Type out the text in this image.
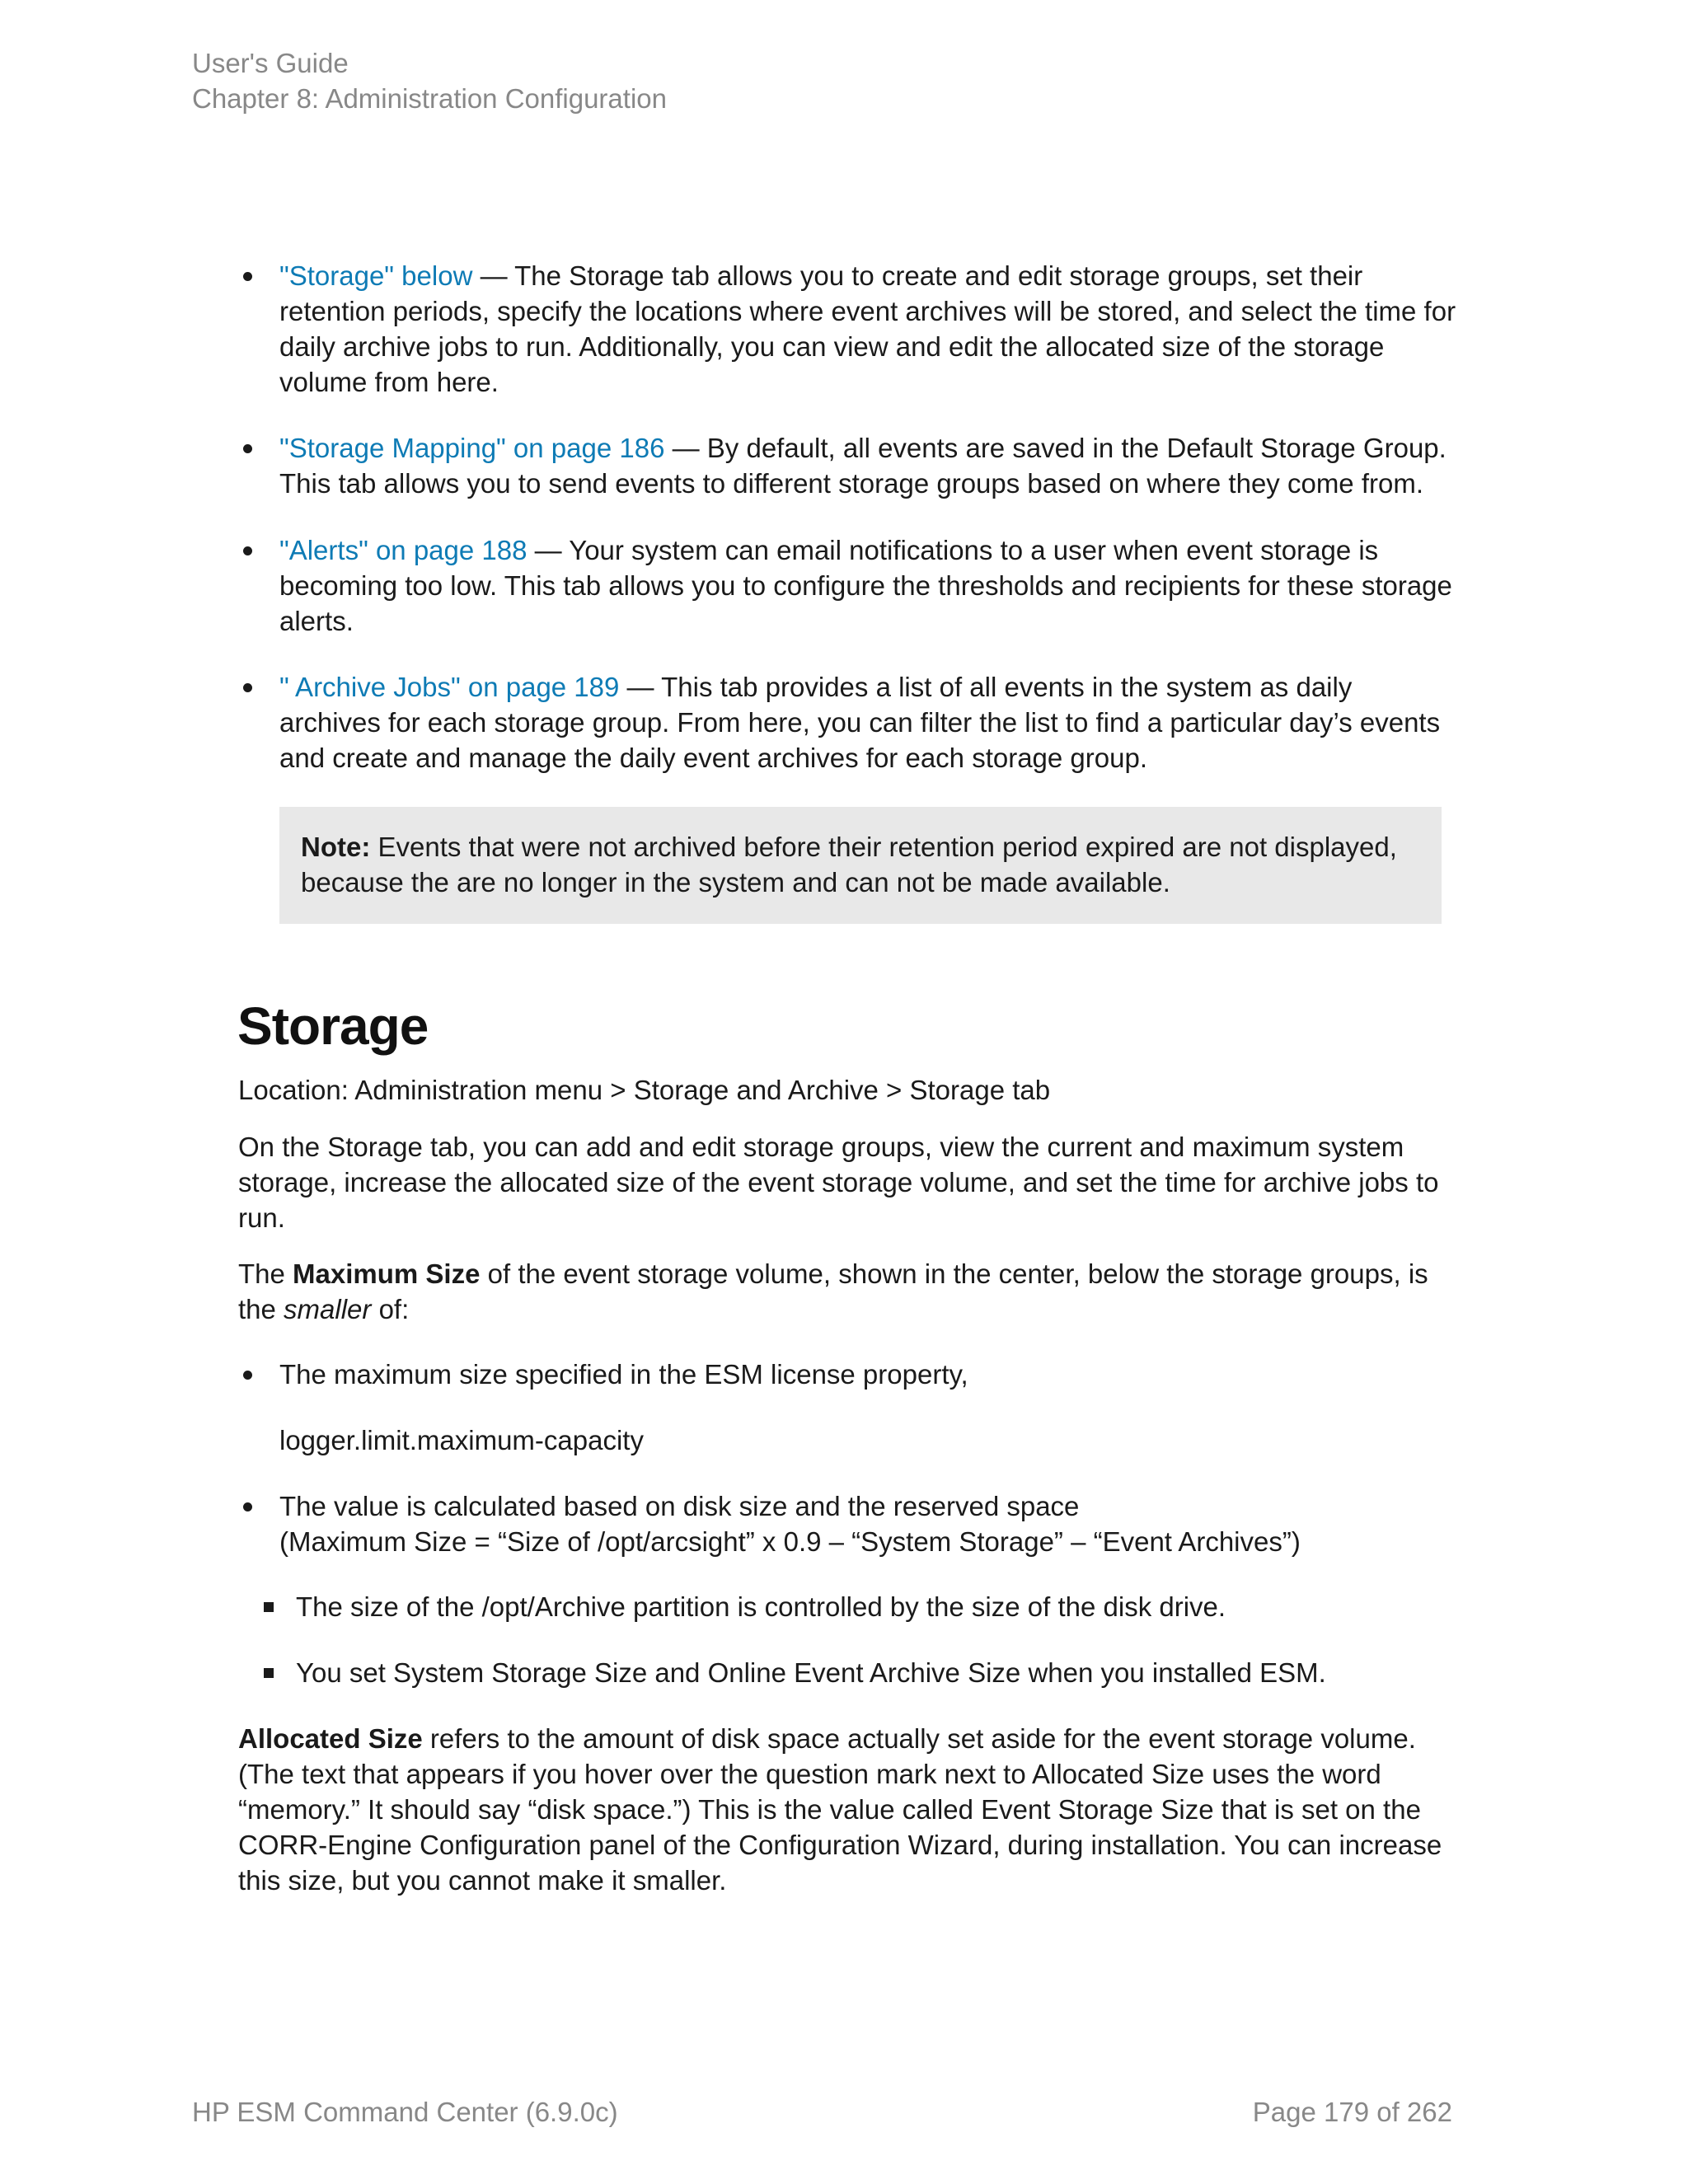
User's Guide
Chapter 8: Administration Configuration
"Storage" below — The Storage tab allows you to create and edit storage groups, set their retention periods, specify the locations where event archives will be stored, and select the time for daily archive jobs to run. Additionally, you can view and edit the allocated size of the storage volume from here.
"Storage Mapping" on page 186 — By default, all events are saved in the Default Storage Group. This tab allows you to send events to different storage groups based on where they come from.
"Alerts" on page 188 — Your system can email notifications to a user when event storage is becoming too low. This tab allows you to configure the thresholds and recipients for these storage alerts.
" Archive Jobs" on page 189 — This tab provides a list of all events in the system as daily archives for each storage group. From here, you can filter the list to find a particular day’s events and create and manage the daily event archives for each storage group.
Note: Events that were not archived before their retention period expired are not displayed, because the are no longer in the system and can not be made available.
Storage
Location: Administration menu > Storage and Archive > Storage tab
On the Storage tab, you can add and edit storage groups, view the current and maximum system storage, increase the allocated size of the event storage volume, and set the time for archive jobs to run.
The Maximum Size of the event storage volume, shown in the center, below the storage groups, is the smaller of:
The maximum size specified in the ESM license property,
logger.limit.maximum-capacity
The value is calculated based on disk size and the reserved space
(Maximum Size = “Size of /opt/arcsight” x 0.9 – “System Storage” – “Event Archives”)
The size of the /opt/Archive partition is controlled by the size of the disk drive.
You set System Storage Size and Online Event Archive Size when you installed ESM.
Allocated Size refers to the amount of disk space actually set aside for the event storage volume. (The text that appears if you hover over the question mark next to Allocated Size uses the word “memory.” It should say “disk space.”) This is the value called Event Storage Size that is set on the CORR-Engine Configuration panel of the Configuration Wizard, during installation. You can increase this size, but you cannot make it smaller.
HP ESM Command Center (6.9.0c)	Page 179 of 262
